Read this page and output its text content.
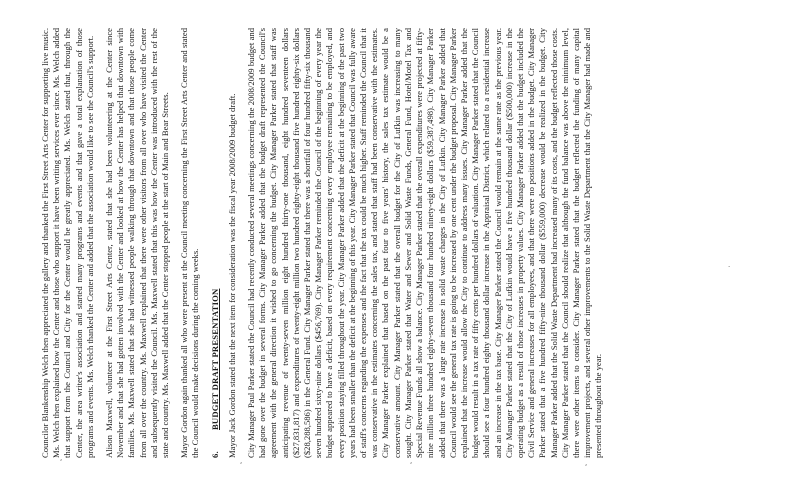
Councilor Blankenship Welch then appreciated the gallery and thanked the First Street Arts Center for supporting live music. Ms. Welch then explained how the Center and those who support it have been writing services ever since. Ms. Welch added that support from the Council and City for the Center would be greatly appreciated. Ms. Welch stated that, through the Center, the area writer's association and started many programs and events and that gave a total explanation of those programs and events. Ms. Welch thanked the Center and added that the association would like to see the Council's support. Alison Maxwell, volunteer at the First Street Arts Center, stated that she had been volunteering at the Center since November and that she had gotten involved with the Center and looked at how the Center has helped that downtown with families. Ms. Maxwell stated that she had witnessed people walking through that downtown and that those people come from all over the country. Ms. Maxwell explained that there were other visitors from all over who have visited the Center and subsequently visited the Council. Ms. Maxwell stated that this was how the Center was introduced with the rest of the state and country. Ms. Maxwell added that the Center stopped people at the start of Main and Bear Streets. Mayor Gordon again thanked all who were present at the Council meeting concerning the First Street Arts Center and stated the Council would make decisions during the coming weeks. 6.BUDGET DRAFT PRESENTATION Mayor Jack Gordon stated that the next item for consideration was the fiscal year 2008/2009 budget draft. City Manager Paul Parker stated the Council had recently conducted several meetings concerning the 2008/2009 budget and had gone over the budget in several forms. City Manager Parker added that the budget draft represented the Council's agreement with the general direction it wished to go concerning the budget. City Manager Parker stated that staff was anticipating revenue of twenty-seven million eight hundred thirty-one thousand, eight hundred seventeen dollars ($27,831,817) and expenditures of twenty-eight million two hundred eighty-eight thousand five hundred eighty-six dollars ($28,288,586) in the General Fund. City Manager Parker stated that there was a shortfall of four hundred fifty-six thousand seven hundred sixty-nine dollars ($456,769). City Manager Parker reminded the Council of the beginning of every year the budget appeared to have a deficit, based on every requirement concerning every employee remaining to be employed, and every position staying filled throughout the year. City Manager Parker added that the deficit at the beginning of the past two years had been smaller than the deficit at the beginning of this year. City Manager Parker stated that Council was fully aware of staff's concerns regarding the expenses and the fact that the tax could be much higher. Staff reminded the Council that it was conservative in the estimates concerning the sales tax, and stated that staff had been conservative with the estimates. City Manager Parker explained that based on the past four to five years' history, the sales tax estimate would be a conservative amount. City Manager Parker stated that the overall budget for the City of Lufkin was increasing to many sought. City Manager Parker stated that Water and Sewer and Solid Waste Funds, General Fund, Hotel/Motel Tax and Special Revenue Funds all show a balance. City Manager Parker stated that the overall expenditures were projected at fifty-nine million three hundred eighty-seven thousand four hundred ninety-eight dollars ($59,387,498). City Manager Parker added that there was a large rate increase in solid waste charges in the City of Lufkin. City Manager Parker added that Council would see the general tax rate is going to be increased by one cent under the budget proposal. City Manager Parker explained that the increase would allow the City to continue to address many issues. City Manager Parker added that the budget would result in a tax rate of fifty cents per hundred dollars of valuation. City Manager Parker stated that the Council should see a four hundred eighty thousand dollar increase in the Appraisal District, which related to a residential increase and an increase in the tax base. City Manager Parker stated the Council would remain at the same rate as the previous year. City Manager Parker stated that the City of Lufkin would have a five hundred thousand dollar ($500,000) increase in the operating budget as a result of those increases in property values. City Manager Parker added that the budget included the Civil Service and general increases for all employees, and that there were no positions added in the budget. City Manager Parker stated that a five hundred fifty-nine thousand dollar ($559,000) decrease would be realized in the budget. City Manager Parker added that the Solid Waste Department had increased many of its costs, and the budget reflected those costs. City Manager Parker stated that the Council should realize that although the fund balance was above the minimum level, there were other items to consider. City Manager Parker stated that the budget reflected the funding of many capital improvement projects, and several other improvements to the Solid Waste Department that the City Manager had made and presented throughout the year.

,	,	,	,
.
